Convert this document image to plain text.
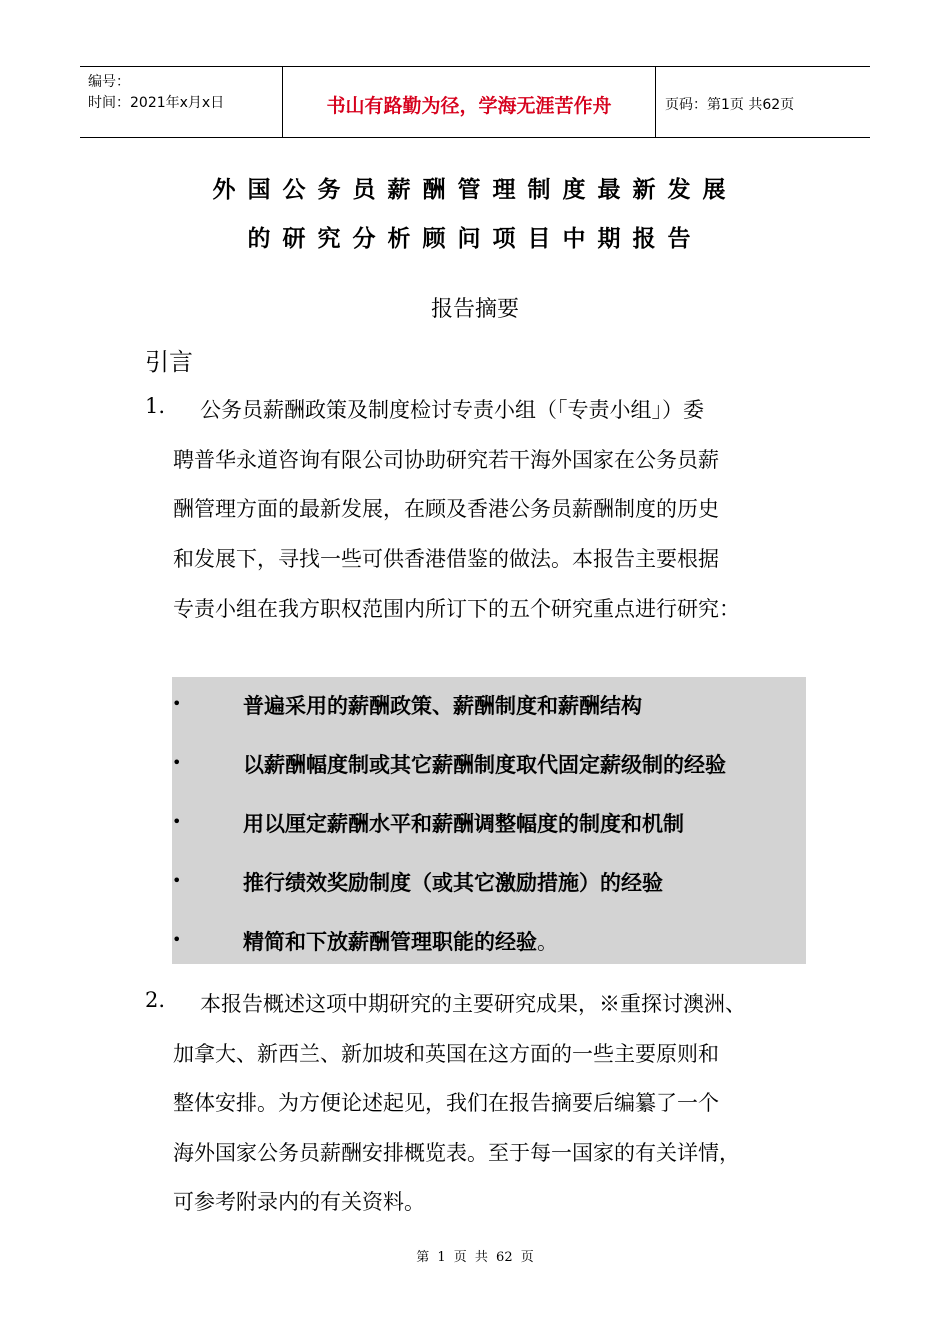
编号：
时间：2021年x月x日	书山有路勤为径，学海无涯苦作舟	页码：第1页 共62页
外国公务员薪酬管理制度最新发展
的研究分析顾问项目中期报告
报告摘要
引言
1. 公务员薪酬政策及制度检讨专责小组（「专责小组」）委
聘普华永道咨询有限公司协助研究若干海外国家在公务员薪
酬管理方面的最新发展，在顾及香港公务员薪酬制度的历史
和发展下，寻找一些可供香港借鉴的做法。本报告主要根据
专责小组在我方职权范围内所订下的五个研究重点进行研究：
•	普遍采用的薪酬政策、薪酬制度和薪酬结构
•	以薪酬幅度制或其它薪酬制度取代固定薪级制的经验
•	用以厘定薪酬水平和薪酬调整幅度的制度和机制
•	推行绩效奖励制度（或其它激励措施）的经验
•	精简和下放薪酬管理职能的经验。
2. 本报告概述这项中期研究的主要研究成果，※重探讨澳洲、
加拿大、新西兰、新加坡和英国在这方面的一些主要原则和
整体安排。为方便论述起见，我们在报告摘要后编纂了一个
海外国家公务员薪酬安排概览表。至于每一国家的有关详情，
可参考附录内的有关资料。
第 1 页 共 62 页
